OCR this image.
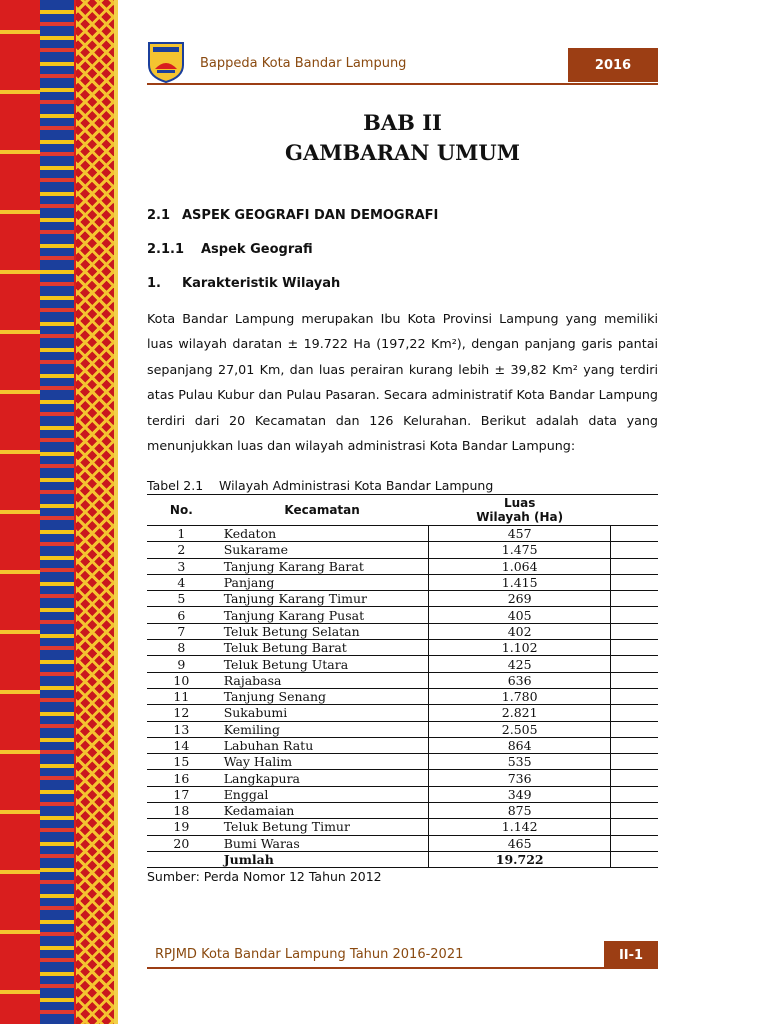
Bappeda Kota Bandar Lampung	2016
BAB II
GAMBARAN UMUM
2.1 ASPEK GEOGRAFI DAN DEMOGRAFI
2.1.1 Aspek Geografi
1. Karakteristik Wilayah
Kota Bandar Lampung merupakan Ibu Kota Provinsi Lampung yang memiliki luas wilayah daratan ± 19.722 Ha (197,22 Km²), dengan panjang garis pantai sepanjang 27,01 Km, dan luas perairan kurang lebih ± 39,82 Km² yang terdiri atas Pulau Kubur dan Pulau Pasaran. Secara administratif Kota Bandar Lampung terdiri dari 20 Kecamatan dan 126 Kelurahan. Berikut adalah data yang menunjukkan luas dan wilayah administrasi Kota Bandar Lampung:
Tabel 2.1 Wilayah Administrasi Kota Bandar Lampung
No.	Kecamatan	Luas
Wilayah (Ha)	

1	Kedaton	457	
2	Sukarame	1.475	
3	Tanjung Karang Barat	1.064	
4	Panjang	1.415	
5	Tanjung Karang Timur	269	
6	Tanjung Karang Pusat	405	
7	Teluk Betung Selatan	402	
8	Teluk Betung Barat	1.102	
9	Teluk Betung Utara	425	
10	Rajabasa	636	
11	Tanjung Senang	1.780	
12	Sukabumi	2.821	
13	Kemiling	2.505	
14	Labuhan Ratu	864	
15	Way Halim	535	
16	Langkapura	736	
17	Enggal	349	
18	Kedamaian	875	
19	Teluk Betung Timur	1.142	
20	Bumi Waras	465	
	Jumlah	19.722	
Sumber: Perda Nomor 12 Tahun 2012
RPJMD Kota Bandar Lampung Tahun 2016-2021	II-1
